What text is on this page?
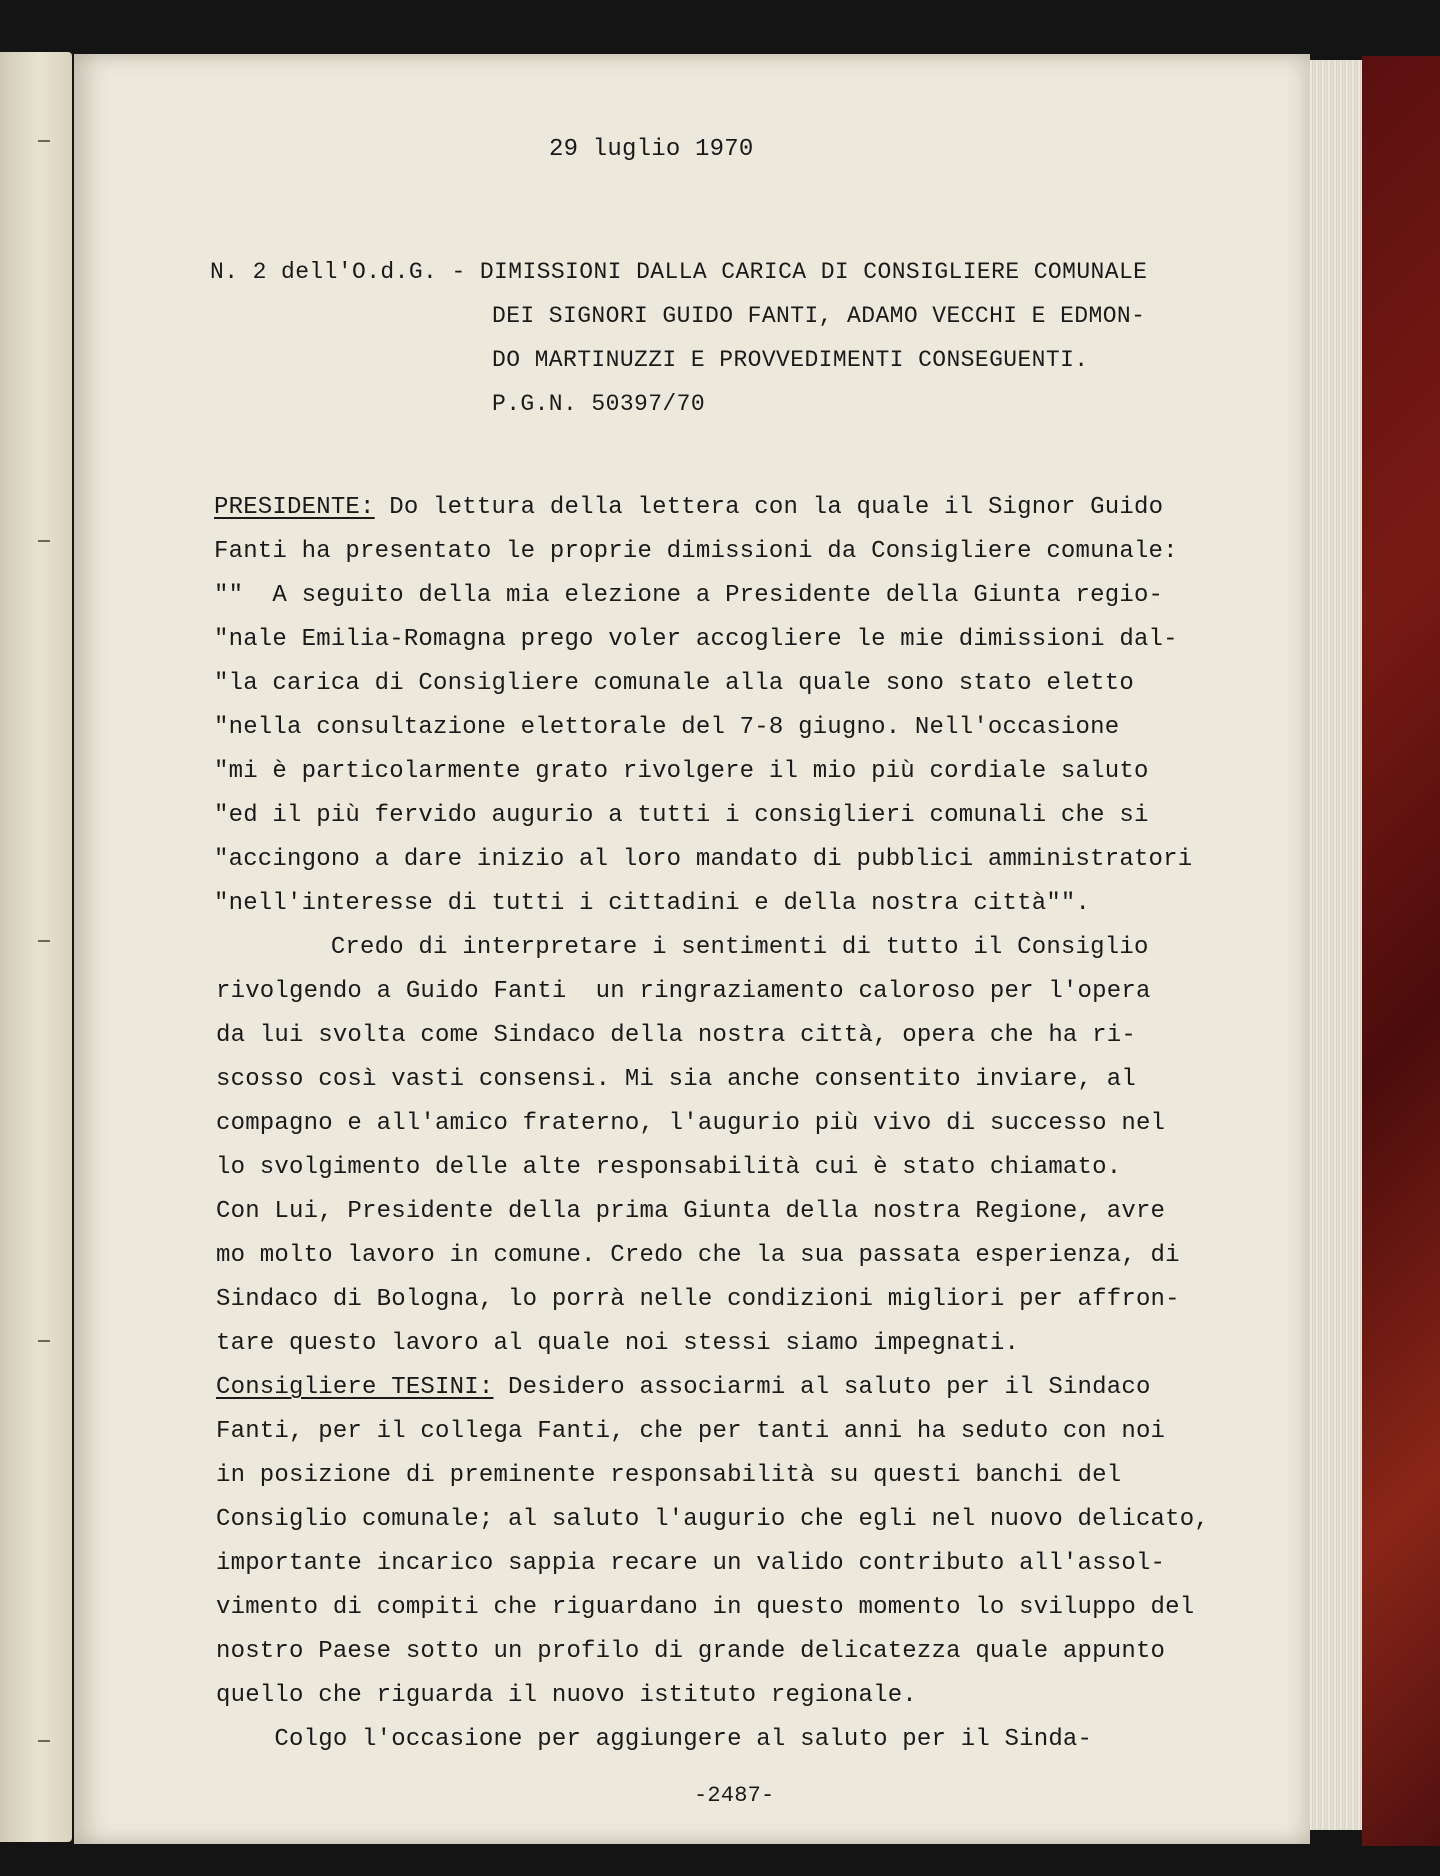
29 luglio 1970
N. 2 dell'O.d.G. - DIMISSIONI DALLA CARICA DI CONSIGLIERE COMUNALE
DEI SIGNORI GUIDO FANTI, ADAMO VECCHI E EDMON-
DO MARTINUZZI E PROVVEDIMENTI CONSEGUENTI.
P.G.N. 50397/70
PRESIDENTE: Do lettura della lettera con la quale il Signor Guido
Fanti ha presentato le proprie dimissioni da Consigliere comunale:
""  A seguito della mia elezione a Presidente della Giunta regio-
"nale Emilia-Romagna prego voler accogliere le mie dimissioni dal-
"la carica di Consigliere comunale alla quale sono stato eletto
"nella consultazione elettorale del 7-8 giugno. Nell'occasione
"mi è particolarmente grato rivolgere il mio più cordiale saluto
"ed il più fervido augurio a tutti i consiglieri comunali che si
"accingono a dare inizio al loro mandato di pubblici amministratori
"nell'interesse di tutti i cittadini e della nostra città"".
Credo di interpretare i sentimenti di tutto il Consiglio
rivolgendo a Guido Fanti  un ringraziamento caloroso per l'opera
da lui svolta come Sindaco della nostra città, opera che ha ri-
scosso così vasti consensi. Mi sia anche consentito inviare, al
compagno e all'amico fraterno, l'augurio più vivo di successo nel
lo svolgimento delle alte responsabilità cui è stato chiamato.
Con Lui, Presidente della prima Giunta della nostra Regione, avre
mo molto lavoro in comune. Credo che la sua passata esperienza, di
Sindaco di Bologna, lo porrà nelle condizioni migliori per affron-
tare questo lavoro al quale noi stessi siamo impegnati.
Consigliere TESINI: Desidero associarmi al saluto per il Sindaco
Fanti, per il collega Fanti, che per tanti anni ha seduto con noi
in posizione di preminente responsabilità su questi banchi del
Consiglio comunale; al saluto l'augurio che egli nel nuovo delicato,
importante incarico sappia recare un valido contributo all'assol-
vimento di compiti che riguardano in questo momento lo sviluppo del
nostro Paese sotto un profilo di grande delicatezza quale appunto
quello che riguarda il nuovo istituto regionale.
Colgo l'occasione per aggiungere al saluto per il Sinda-
-2487-
